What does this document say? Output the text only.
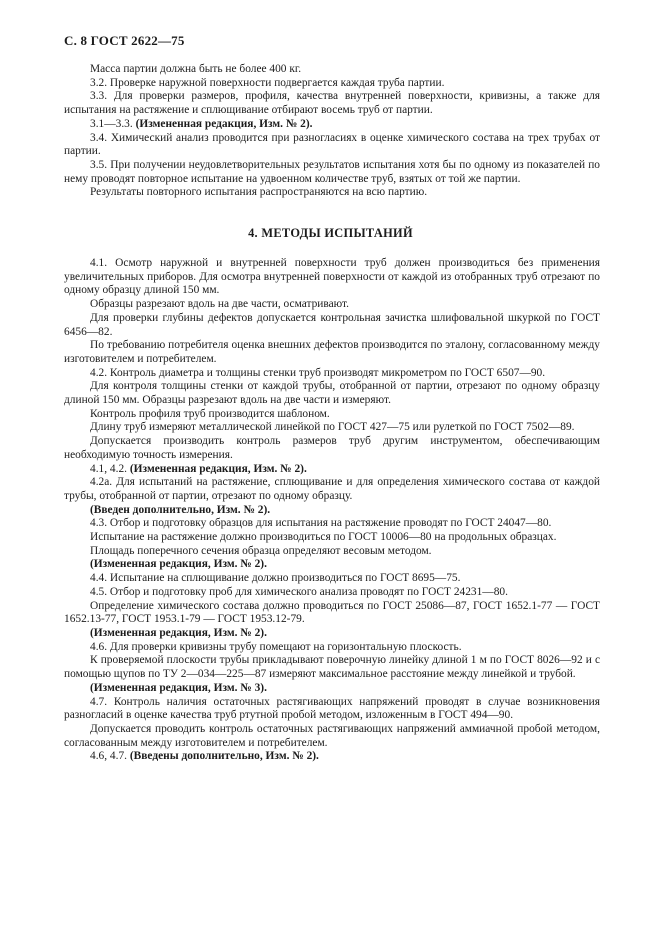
С. 8 ГОСТ 2622—75

Масса партии должна быть не более 400 кг.

3.2. Проверке наружной поверхности подвергается каждая труба партии.

3.3. Для проверки размеров, профиля, качества внутренней поверхности, кривизны, а также для испытания на растяжение и сплющивание отбирают восемь труб от партии.

3.1—3.3. (Измененная редакция, Изм. № 2).

3.4. Химический анализ проводится при разногласиях в оценке химического состава на трех трубах от партии.

3.5. При получении неудовлетворительных результатов испытания хотя бы по одному из показателей по нему проводят повторное испытание на удвоенном количестве труб, взятых от той же партии.

Результаты повторного испытания распространяются на всю партию.

4. МЕТОДЫ ИСПЫТАНИЙ

4.1. Осмотр наружной и внутренней поверхности труб должен производиться без применения увеличительных приборов. Для осмотра внутренней поверхности от каждой из отобранных труб отрезают по одному образцу длиной 150 мм.

Образцы разрезают вдоль на две части, осматривают.

Для проверки глубины дефектов допускается контрольная зачистка шлифовальной шкуркой по ГОСТ 6456—82.

По требованию потребителя оценка внешних дефектов производится по эталону, согласованному между изготовителем и потребителем.

4.2. Контроль диаметра и толщины стенки труб производят микрометром по ГОСТ 6507—90.

Для контроля толщины стенки от каждой трубы, отобранной от партии, отрезают по одному образцу длиной 150 мм. Образцы разрезают вдоль на две части и измеряют.

Контроль профиля труб производится шаблоном.

Длину труб измеряют металлической линейкой по ГОСТ 427—75 или рулеткой по ГОСТ 7502—89.

Допускается производить контроль размеров труб другим инструментом, обеспечивающим необходимую точность измерения.

4.1, 4.2. (Измененная редакция, Изм. № 2).

4.2а. Для испытаний на растяжение, сплющивание и для определения химического состава от каждой трубы, отобранной от партии, отрезают по одному образцу.

(Введен дополнительно, Изм. № 2).

4.3. Отбор и подготовку образцов для испытания на растяжение проводят по ГОСТ 24047—80.

Испытание на растяжение должно производиться по ГОСТ 10006—80 на продольных образцах.

Площадь поперечного сечения образца определяют весовым методом.

(Измененная редакция, Изм. № 2).

4.4. Испытание на сплющивание должно производиться по ГОСТ 8695—75.

4.5. Отбор и подготовку проб для химического анализа проводят по ГОСТ 24231—80.

Определение химического состава должно проводиться по ГОСТ 25086—87, ГОСТ 1652.1-77 — ГОСТ 1652.13-77, ГОСТ 1953.1-79 — ГОСТ 1953.12-79.

(Измененная редакция, Изм. № 2).

4.6. Для проверки кривизны трубу помещают на горизонтальную плоскость.

К проверяемой плоскости трубы прикладывают поверочную линейку длиной 1 м по ГОСТ 8026—92 и с помощью щупов по ТУ 2—034—225—87 измеряют максимальное расстояние между линейкой и трубой.

(Измененная редакция, Изм. № 3).

4.7. Контроль наличия остаточных растягивающих напряжений проводят в случае возникновения разногласий в оценке качества труб ртутной пробой методом, изложенным в ГОСТ 494—90.

Допускается проводить контроль остаточных растягивающих напряжений аммиачной пробой методом, согласованным между изготовителем и потребителем.

4.6, 4.7. (Введены дополнительно, Изм. № 2).
